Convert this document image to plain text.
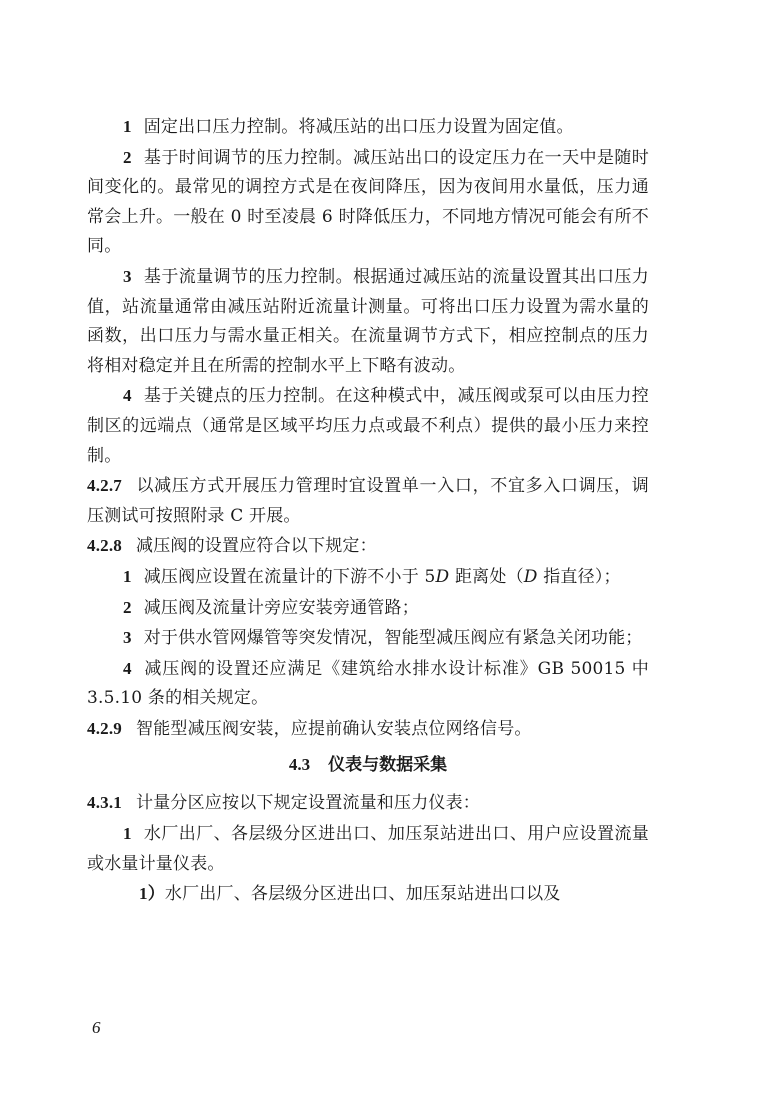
1 固定出口压力控制。将减压站的出口压力设置为固定值。

2 基于时间调节的压力控制。减压站出口的设定压力在一天中是随时间变化的。最常见的调控方式是在夜间降压，因为夜间用水量低，压力通常会上升。一般在 0 时至凌晨 6 时降低压力，不同地方情况可能会有所不同。

3 基于流量调节的压力控制。根据通过减压站的流量设置其出口压力值，站流量通常由减压站附近流量计测量。可将出口压力设置为需水量的函数，出口压力与需水量正相关。在流量调节方式下，相应控制点的压力将相对稳定并且在所需的控制水平上下略有波动。

4 基于关键点的压力控制。在这种模式中，减压阀或泵可以由压力控制区的远端点（通常是区域平均压力点或最不利点）提供的最小压力来控制。

4.2.7 以减压方式开展压力管理时宜设置单一入口，不宜多入口调压，调压测试可按照附录 C 开展。

4.2.8 减压阀的设置应符合以下规定：

1 减压阀应设置在流量计的下游不小于 5D 距离处（D 指直径）；

2 减压阀及流量计旁应安装旁通管路；

3 对于供水管网爆管等突发情况，智能型减压阀应有紧急关闭功能；

4 减压阀的设置还应满足《建筑给水排水设计标准》GB 50015 中 3.5.10 条的相关规定。

4.2.9 智能型减压阀安装，应提前确认安装点位网络信号。

4.3 仪表与数据采集

4.3.1 计量分区应按以下规定设置流量和压力仪表：

1 水厂出厂、各层级分区进出口、加压泵站进出口、用户应设置流量或水量计量仪表。

1）水厂出厂、各层级分区进出口、加压泵站进出口以及

6
